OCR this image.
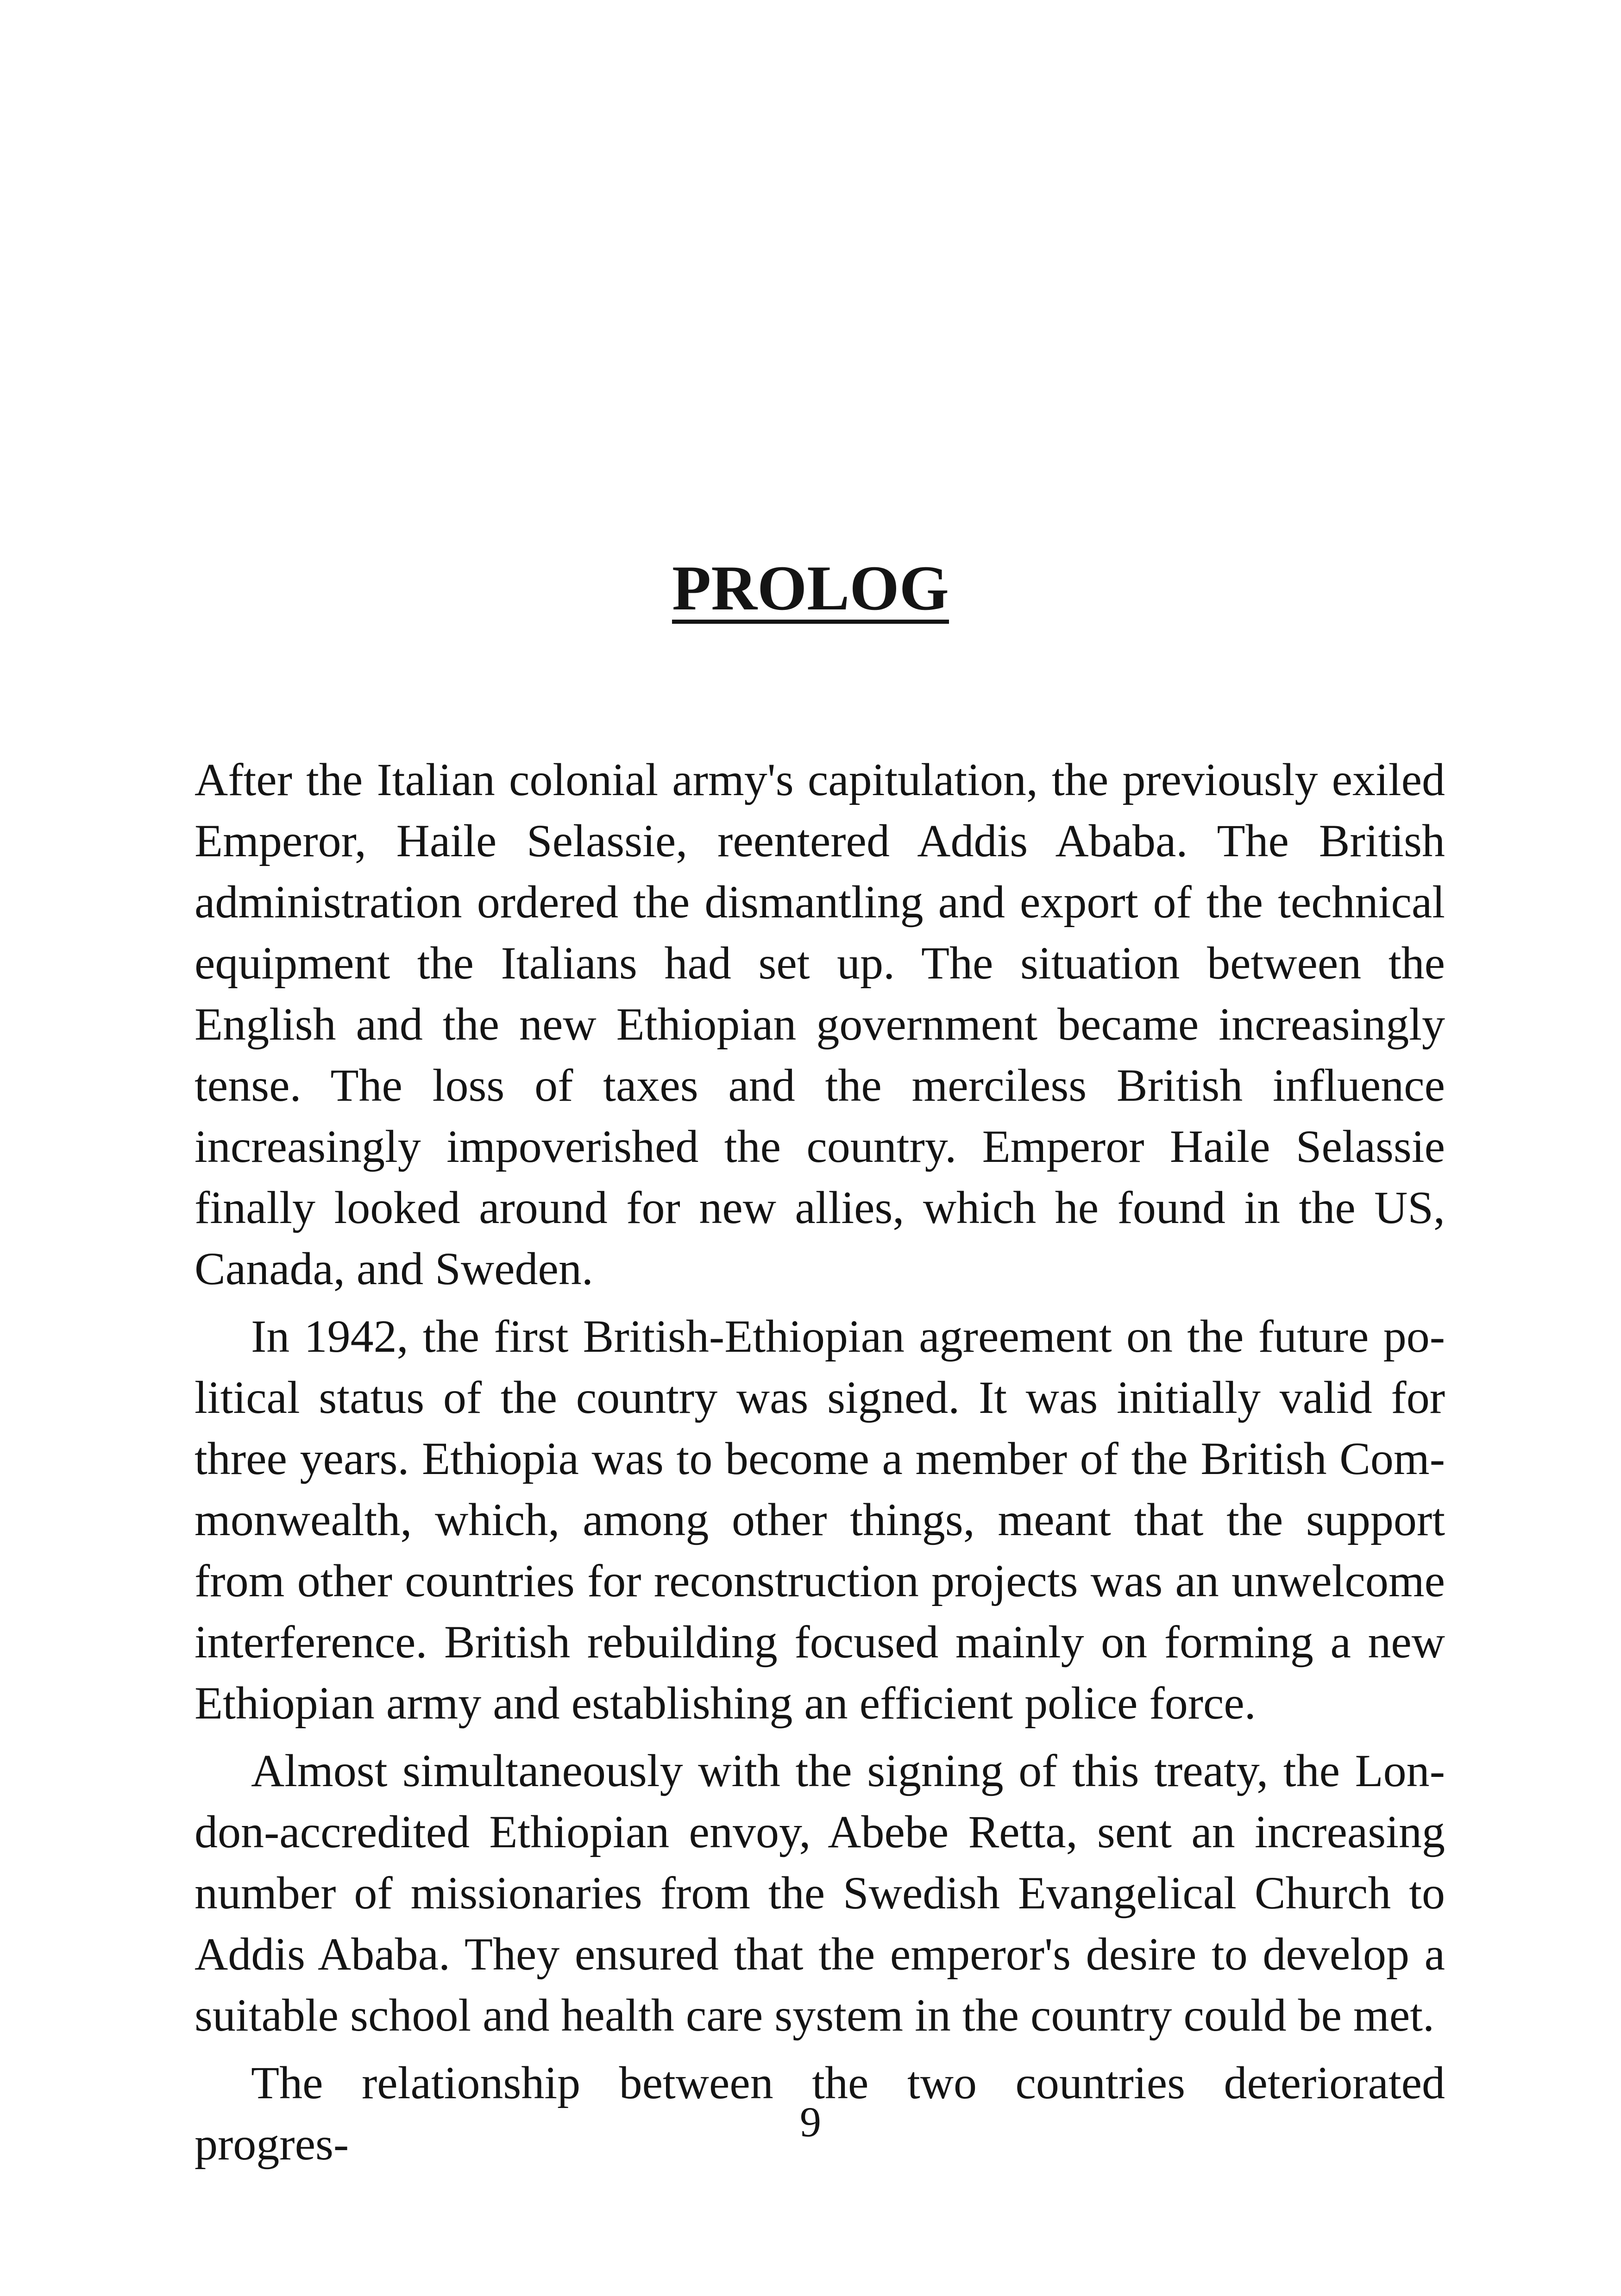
PROLOG

After the Italian colonial army's capitulation, the previously exiled Emperor, Haile Selassie, reentered Addis Ababa. The British administration ordered the dismantling and export of the technical equipment the Italians had set up. The situation between the English and the new Ethiopian government became increasingly tense. The loss of taxes and the merciless British influence increasingly impoverished the country. Emperor Haile Selassie finally looked around for new allies, which he found in the US, Canada, and Sweden.

In 1942, the first British-Ethiopian agreement on the future political status of the country was signed. It was initially valid for three years. Ethiopia was to become a member of the British Commonwealth, which, among other things, meant that the support from other countries for reconstruction projects was an unwelcome interference. British rebuilding focused mainly on forming a new Ethiopian army and establishing an efficient police force.

Almost simultaneously with the signing of this treaty, the London-accredited Ethiopian envoy, Abebe Retta, sent an increasing number of missionaries from the Swedish Evangelical Church to Addis Ababa. They ensured that the emperor's desire to develop a suitable school and health care system in the country could be met.

The relationship between the two countries deteriorated progres-	9
